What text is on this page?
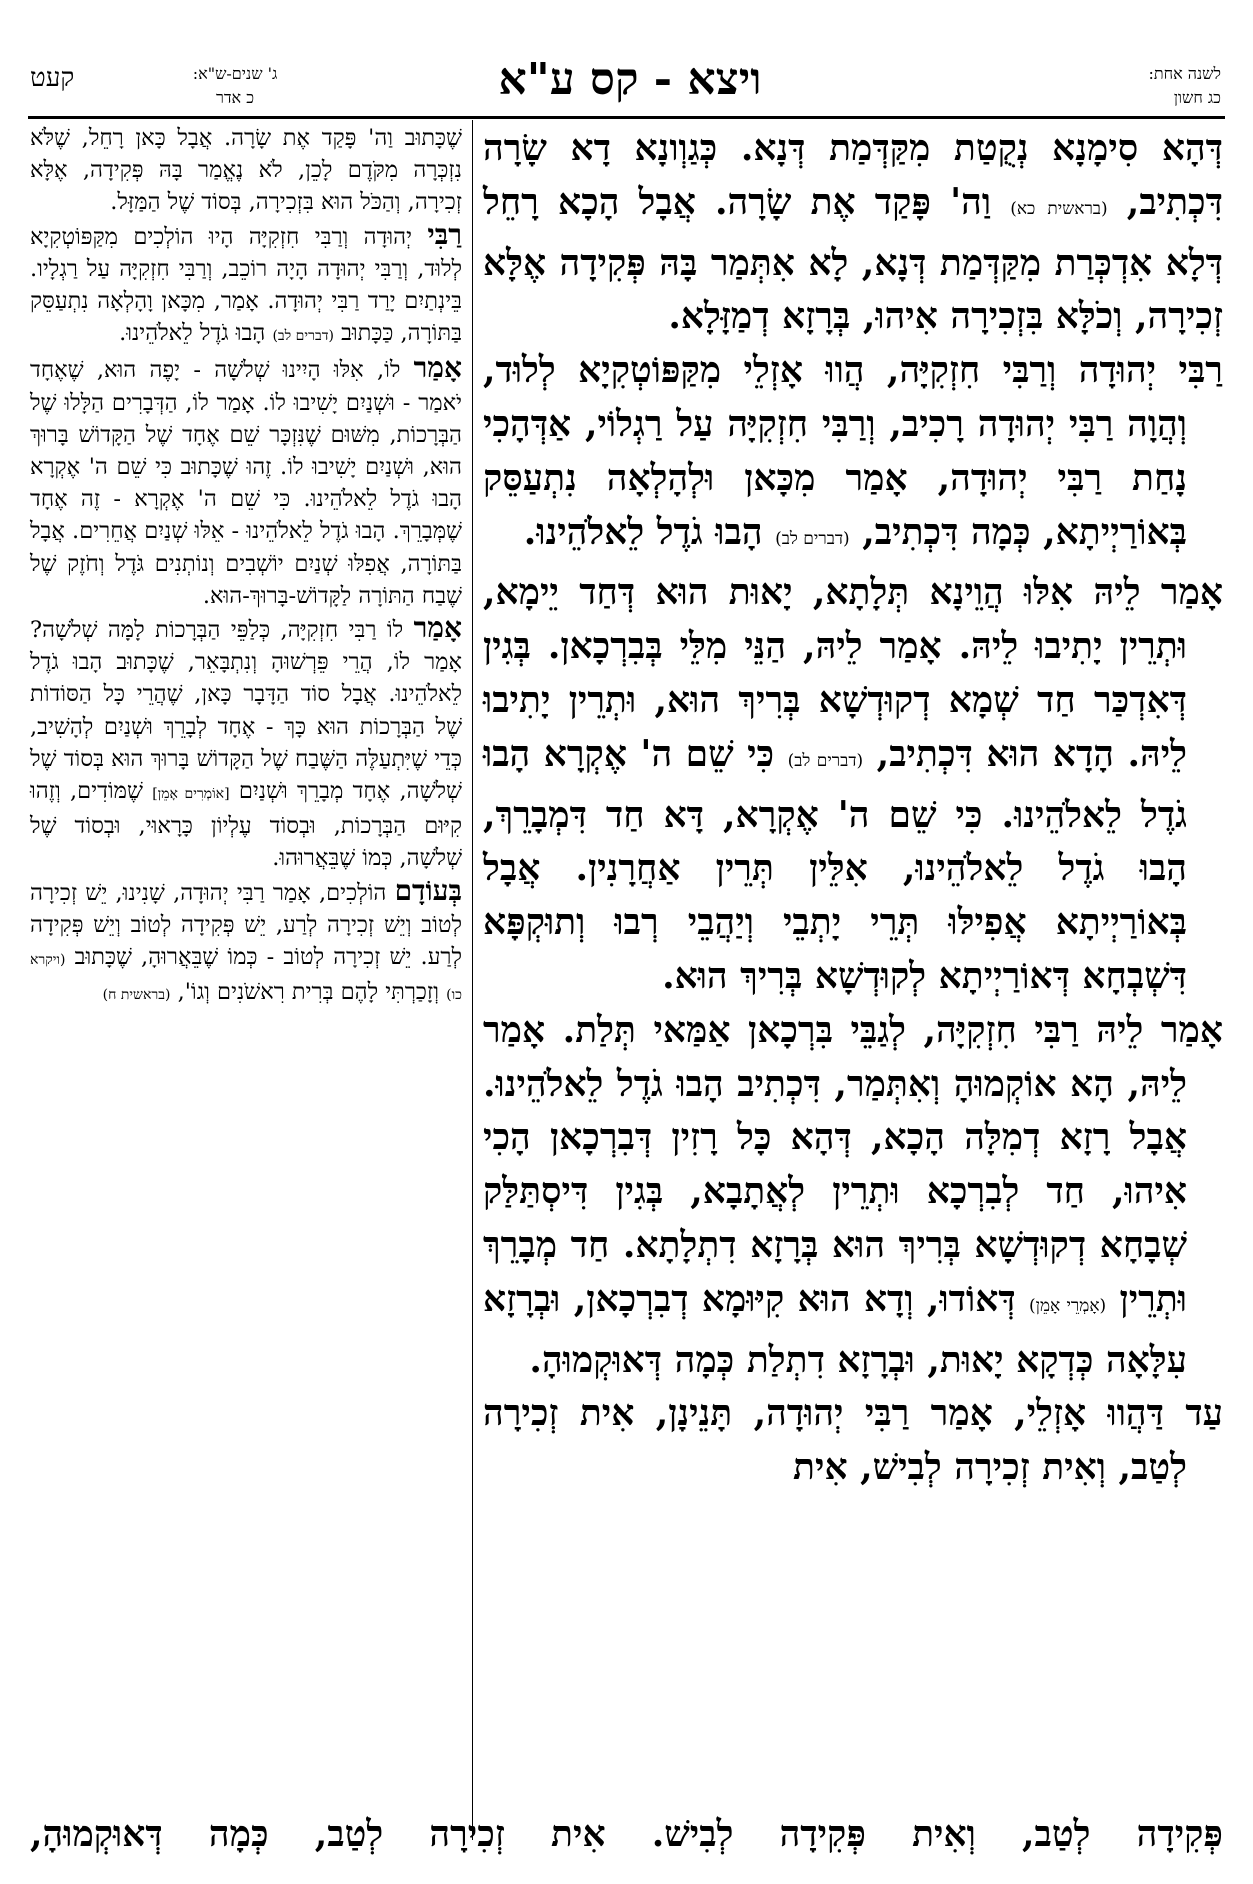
לשנה אחת:
כג חשון
ויצא - קס ע"א
ג' שנים-ש"א:
כ אדר
קעט

דְּהָא סִימָנָא נְקֻטַת מִקַּדְּמַת דְּנָא. כְּגַוְונָא דָא שָׂרָה דִּכְתִיב, (בראשית כא) וַה' פָּקַד אֶת שָׂרָה. אֲבָל הָכָא רָחֵל דְּלָא אִדְכְּרַת מִקַּדְּמַת דְּנָא, לָא אִתְּמַר בָּהּ פְּקִידָה אֶלָּא זְכִירָה, וְכֹלָּא בִּזְכִירָה אִיהוּ, בְּרָזָא דְמַזָּלָא.

רַבִּי יְהוּדָה וְרַבִּי חִזְקִיָּה, הֲווּ אָזְלֵי מִקַּפּוֹטְקִיָא לְלוּד, וְהֲוָה רַבִּי יְהוּדָה רָכִיב, וְרַבִּי חִזְקִיָּה עַל רַגְלוֹי, אַדְּהָכִי נָחַת רַבִּי יְהוּדָה, אָמַר מִכָּאן וּלְהָלְאָה נִתְעַסֵּק בְּאוֹרַיְיתָא, כְּמָה דִּכְתִיב, (דברים לב) הָבוּ גֹדֶל לֵאלֹהֵינוּ.

אָמַר לֵיהּ אִלּוּ הֲוֵינָא תְּלָתָא, יָאוּת הוּא דְּחַד יֵימָא, וּתְרֵין יָתִיבוּ לֵיהּ. אָמַר לֵיהּ, הַנֵּי מִלֵּי בְּבִרְכָאן. בְּגִין דְּאִדְכַּר חַד שְׁמָא דְקוּדְשָׁא בְּרִיךְ הוּא, וּתְרֵין יָתִיבוּ לֵיהּ. הָדָא הוּא דִּכְתִיב, (דברים לב) כִּי שֵׁם ה' אֶקְרָא הָבוּ גֹדֶל לֵאלֹהֵינוּ. כִּי שֵׁם ה' אֶקְרָא, דָּא חַד דִּמְבָרֵךְ, הָבוּ גֹדֶל לֵאלֹהֵינוּ, אִלֵּין תְּרֵין אַחֲרָנִין. אֲבָל בְּאוֹרַיְיתָא אֲפִילּוּ תְּרֵי יָתְבֵי וְיַהֲבֵי רְבוּ וְתוּקְפָּא דִּשְׁבְחָא דְּאוֹרַיְיתָא לְקוּדְשָׁא בְּרִיךְ הוּא.

אָמַר לֵיהּ רַבִּי חִזְקִיָּה, לְגַבֵּי בִּרְכָאן אַמַּאי תְּלַת. אָמַר לֵיהּ, הָא אוֹקְמוּהָ וְאִתְּמַר, דִּכְתִיב הָבוּ גֹדֶל לֵאלֹהֵינוּ. אֲבָל רָזָא דְמִלָּה הָכָא, דְּהָא כָּל רָזִין דְּבִרְכָאן הָכִי אִיהוּ, חַד לְבִרְכָא וּתְרֵין לְאֲתָבָא, בְּגִין דִּיסְתַּלַּק שְׁבָחָא דְקוּדְשָׁא בְּרִיךְ הוּא בְּרָזָא דִתְלָתָא. חַד מְבָרֵךְ וּתְרֵין (אָמְרֵי אָמֵן) דְּאוֹדוּ, וְדָא הוּא קִיּוּמָא דְבִרְכָאן, וּבְרָזָא עִלָּאָה כְּדְקָא יָאוּת, וּבְרָזָא דִתְלַת כְּמָה דְּאוּקְמוּהָ.

עַד דַּהֲווּ אָזְלֵי, אָמַר רַבִּי יְהוּדָה, תָּנֵינָן, אִית זְכִירָה לְטַב, וְאִית זְכִירָה לְבִישׁ, אִית

שֶׁכָּתוּב וַה' פָּקַד אֶת שָׂרָה. אֲבָל כָּאן רָחֵל, שֶׁלֹּא נִזְכְּרָה מִקֹּדֶם לָכֵן, לֹא נֶאֱמַר בָּהּ פְּקִידָה, אֶלָּא זְכִירָה, וְהַכֹּל הוּא בִּזְכִירָה, בְּסוֹד שֶׁל הַמַּזָּל.

רַבִּי יְהוּדָה וְרַבִּי חִזְקִיָּה הָיוּ הוֹלְכִים מִקַּפּוֹטְקִיָא לְלוּד, וְרַבִּי יְהוּדָה הָיָה רוֹכֵב, וְרַבִּי חִזְקִיָּה עַל רַגְלָיו. בֵּינְתַיִם יָרַד רַבִּי יְהוּדָה. אָמַר, מִכָּאן וָהָלְאָה נִתְעַסֵּק בַּתּוֹרָה, כַּכָּתוּב (דברים לב) הָבוּ גֹדֶל לֵאלֹהֵינוּ.

אָמַר לוֹ, אִלּוּ הָיִינוּ שְׁלֹשָׁה - יָפֶה הוּא, שֶׁאֶחָד יֹאמַר - וּשְׁנַיִם יָשִׁיבוּ לוֹ. אָמַר לוֹ, הַדְּבָרִים הַלָּלוּ שֶׁל הַבְּרָכוֹת, מִשּׁוּם שֶׁנִּזְכָּר שֵׁם אֶחָד שֶׁל הַקָּדוֹשׁ בָּרוּךְ הוּא, וּשְׁנַיִם יָשִׁיבוּ לוֹ. זֶהוּ שֶׁכָּתוּב כִּי שֵׁם ה' אֶקְרָא הָבוּ גֹדֶל לֵאלֹהֵינוּ. כִּי שֵׁם ה' אֶקְרָא - זֶה אֶחָד שֶׁמְּבָרֵךְ. הָבוּ גֹדֶל לֵאלֹהֵינוּ - אֵלּוּ שְׁנַיִם אֲחֵרִים. אֲבָל בַּתּוֹרָה, אֲפִלּוּ שְׁנַיִם יוֹשְׁבִים וְנוֹתְנִים גֹּדֶל וְחֹזֶק שֶׁל שֶׁבַח הַתּוֹרָה לַקָּדוֹשׁ-בָּרוּךְ-הוּא.

אָמַר לוֹ רַבִּי חִזְקִיָּה, כְּלַפֵּי הַבְּרָכוֹת לָמָּה שְׁלֹשָׁה? אָמַר לוֹ, הֲרֵי פֵּרְשׁוּהָ וְנִתְבָּאֵר, שֶׁכָּתוּב הָבוּ גֹדֶל לֵאלֹהֵינוּ. אֲבָל סוֹד הַדָּבָר כָּאן, שֶׁהֲרֵי כָּל הַסּוֹדוֹת שֶׁל הַבְּרָכוֹת הוּא כָּךְ - אֶחָד לְבָרֵךְ וּשְׁנַיִם לְהָשִׁיב, כְּדֵי שֶׁיִּתְעַלֶּה הַשֶּׁבַח שֶׁל הַקָּדוֹשׁ בָּרוּךְ הוּא בְּסוֹד שֶׁל שְׁלֹשָׁה, אֶחָד מְבָרֵךְ וּשְׁנַיִם [אוֹמְרִים אָמֵן] שֶׁמּוֹדִים, וְזֶהוּ קִיּוּם הַבְּרָכוֹת, וּבְסוֹד עֶלְיוֹן כָּרָאוּי, וּבְסוֹד שֶׁל שְׁלֹשָׁה, כְּמוֹ שֶׁבֵּאֲרוּהוּ.

בְּעוֹדָם הוֹלְכִים, אָמַר רַבִּי יְהוּדָה, שָׁנִינוּ, יֵשׁ זְכִירָה לְטוֹב וְיֵשׁ זְכִירָה לְרַע, יֵשׁ פְּקִידָה לְטוֹב וְיֵשׁ פְּקִידָה לְרַע. יֵשׁ זְכִירָה לְטוֹב - כְּמוֹ שֶׁבֵּאֲרוּהָ, שֶׁכָּתוּב (ויקרא כו) וְזָכַרְתִּי לָהֶם בְּרִית רִאשֹׁנִים וְגוֹ', (בראשית ח)

פְּקִידָה לְטַב, וְאִית פְּקִידָה לְבִישׁ. אִית זְכִירָה לְטַב, כְּמָה דְּאוּקְמוּהָ,
